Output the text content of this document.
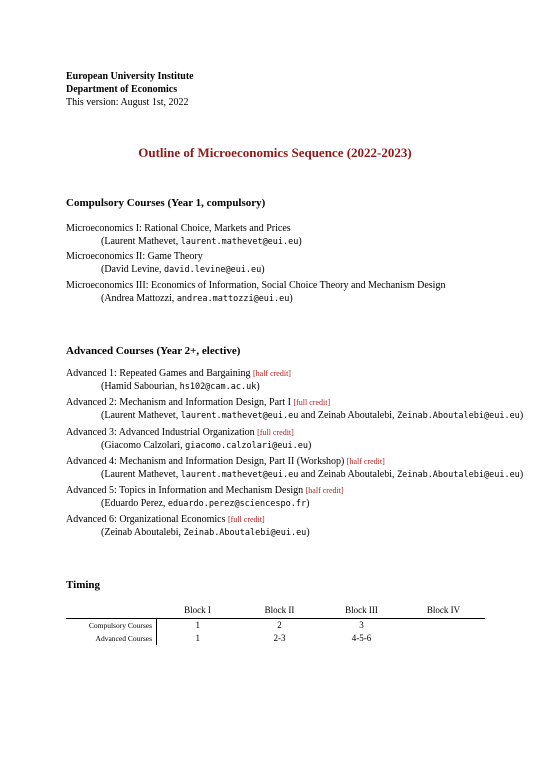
European University Institute
Department of Economics
This version: August 1st, 2022
Outline of Microeconomics Sequence (2022-2023)
Compulsory Courses (Year 1, compulsory)
Microeconomics I: Rational Choice, Markets and Prices
(Laurent Mathevet, laurent.mathevet@eui.eu)
Microeconomics II: Game Theory
(David Levine, david.levine@eui.eu)
Microeconomics III: Economics of Information, Social Choice Theory and Mechanism Design
(Andrea Mattozzi, andrea.mattozzi@eui.eu)
Advanced Courses (Year 2+, elective)
Advanced 1: Repeated Games and Bargaining [half credit]
(Hamid Sabourian, hs102@cam.ac.uk)
Advanced 2: Mechanism and Information Design, Part I [full credit]
(Laurent Mathevet, laurent.mathevet@eui.eu and Zeinab Aboutalebi, Zeinab.Aboutalebi@eui.eu)
Advanced 3: Advanced Industrial Organization [full credit]
(Giacomo Calzolari, giacomo.calzolari@eui.eu)
Advanced 4: Mechanism and Information Design, Part II (Workshop) [half credit]
(Laurent Mathevet, laurent.mathevet@eui.eu and Zeinab Aboutalebi, Zeinab.Aboutalebi@eui.eu)
Advanced 5: Topics in Information and Mechanism Design [half credit]
(Eduardo Perez, eduardo.perez@sciencespo.fr)
Advanced 6: Organizational Economics [full credit]
(Zeinab Aboutalebi, Zeinab.Aboutalebi@eui.eu)
Timing
	Block I	Block II	Block III	Block IV
Compulsory Courses	1	2	3	
Advanced Courses	1	2-3	4-5-6	
